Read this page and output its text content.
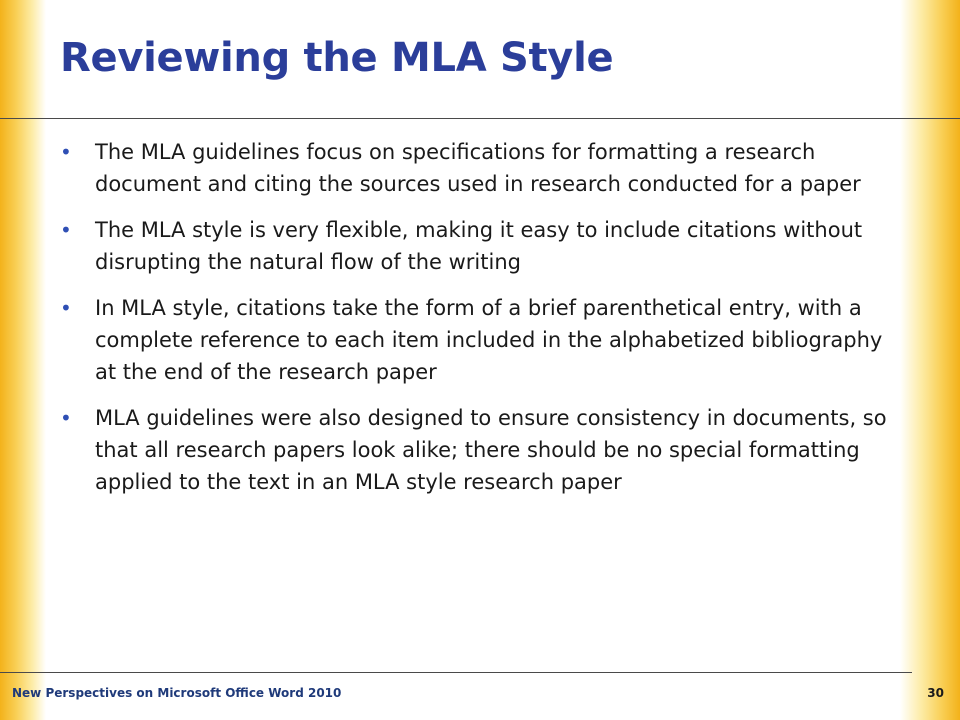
Reviewing the MLA Style
• The MLA guidelines focus on specifications for formatting a research document and citing the sources used in research conducted for a paper
• The MLA style is very flexible, making it easy to include citations without disrupting the natural flow of the writing
• In MLA style, citations take the form of a brief parenthetical entry, with a complete reference to each item included in the alphabetized bibliography at the end of the research paper
• MLA guidelines were also designed to ensure consistency in documents, so that all research papers look alike; there should be no special formatting applied to the text in an MLA style research paper
New Perspectives on Microsoft Office Word 2010	30
